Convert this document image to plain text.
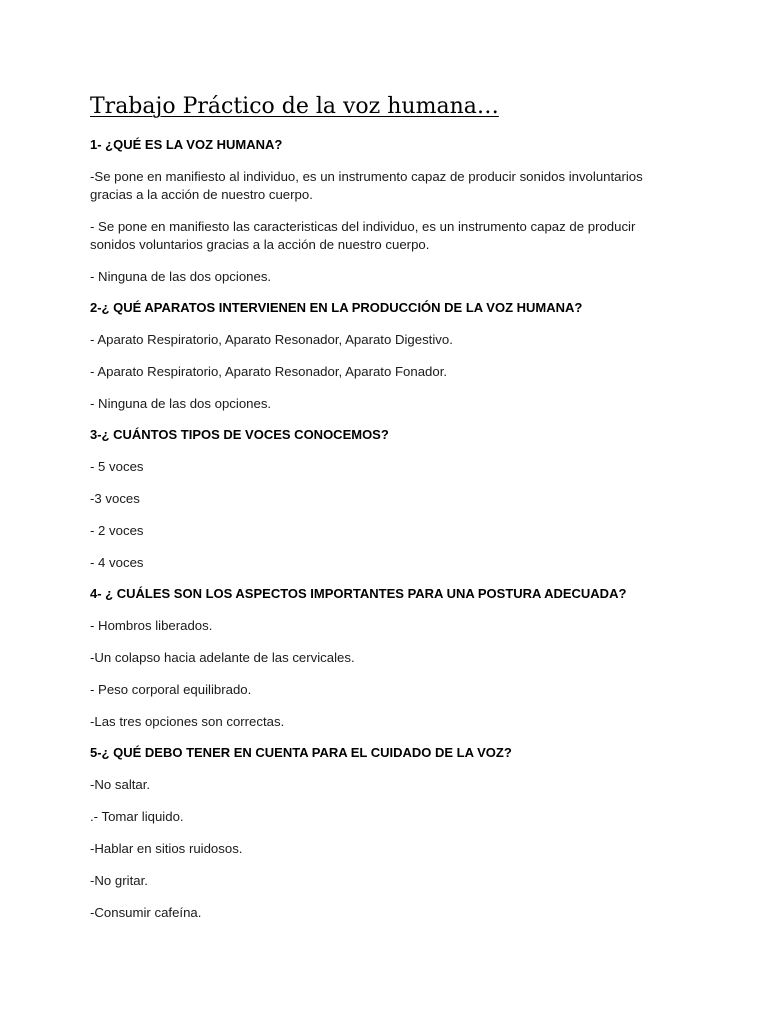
Trabajo Práctico de la voz humana…
1- ¿QUÉ ES LA VOZ HUMANA?
-Se pone en manifiesto al individuo, es un instrumento capaz de producir sonidos involuntarios gracias a la acción de nuestro cuerpo.
- Se pone en manifiesto las caracteristicas del individuo, es un instrumento capaz de producir sonidos voluntarios gracias a la acción de nuestro cuerpo.
- Ninguna de las dos opciones.
2-¿ QUÉ APARATOS INTERVIENEN EN LA PRODUCCIÓN DE LA VOZ HUMANA?
- Aparato Respiratorio, Aparato Resonador, Aparato Digestivo.
- Aparato Respiratorio, Aparato Resonador, Aparato Fonador.
- Ninguna de las dos opciones.
3-¿ CUÁNTOS TIPOS DE VOCES CONOCEMOS?
- 5 voces
-3 voces
- 2 voces
- 4 voces
4- ¿ CUÁLES SON LOS ASPECTOS IMPORTANTES PARA UNA POSTURA ADECUADA?
- Hombros liberados.
-Un colapso hacia adelante de las cervicales.
- Peso corporal equilibrado.
-Las tres opciones son correctas.
5-¿ QUÉ DEBO TENER EN CUENTA PARA EL CUIDADO DE LA VOZ?
-No saltar.
.- Tomar liquido.
-Hablar en sitios ruidosos.
-No gritar.
-Consumir cafeína.
